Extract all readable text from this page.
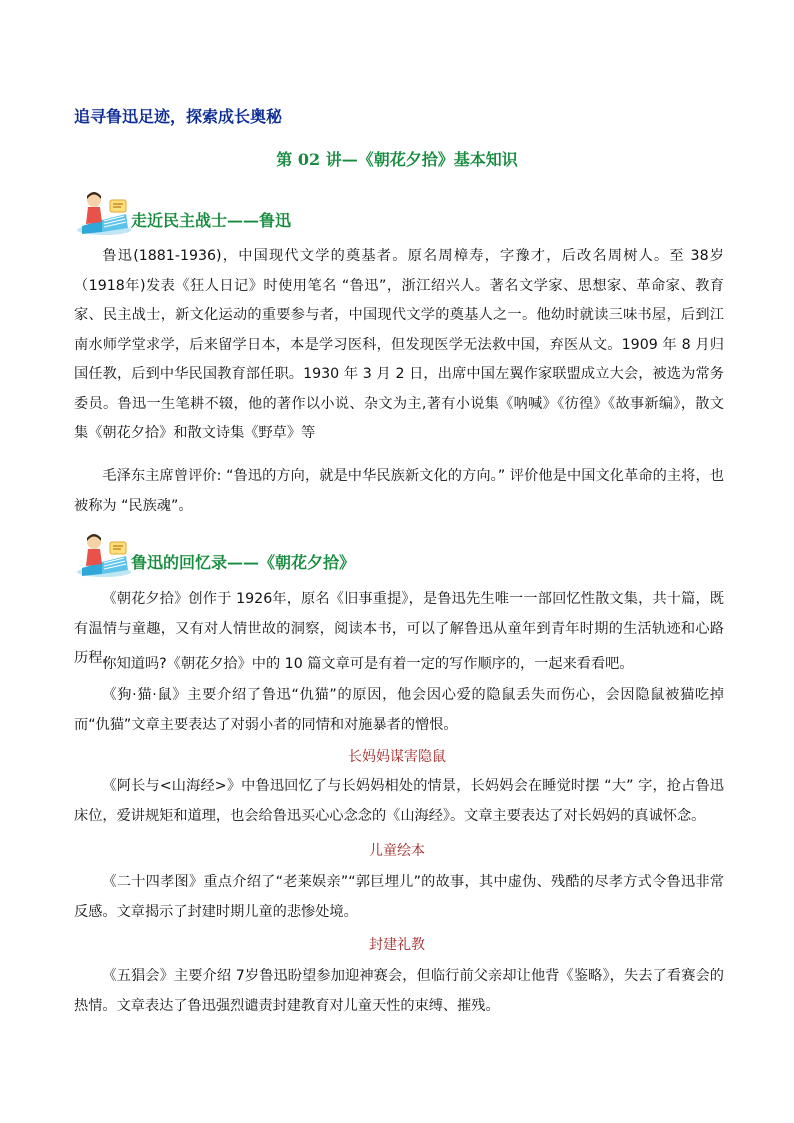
追寻鲁迅足迹，探索成长奥秘
第 02 讲—《朝花夕拾》基本知识
走近民主战士——鲁迅

鲁迅(1881-1936)，中国现代文学的奠基者。原名周樟寿，字豫才，后改名周树人。至 38岁（1918年)发表《狂人日记》时使用笔名 “鲁迅”，浙江绍兴人。著名文学家、思想家、革命家、教育家、民主战士，新文化运动的重要参与者，中国现代文学的奠基人之一。他幼时就读三味书屋，后到江南水师学堂求学，后来留学日本，本是学习医科，但发现医学无法救中国，弃医从文。1909 年 8 月归国任教，后到中华民国教育部任职。1930 年 3 月 2 日，出席中国左翼作家联盟成立大会，被选为常务委员。鲁迅一生笔耕不辍，他的著作以小说、杂文为主,著有小说集《呐喊》《彷徨》《故事新编》，散文集《朝花夕拾》和散文诗集《野草》等

毛泽东主席曾评价: “鲁迅的方向，就是中华民族新文化的方向。” 评价他是中国文化革命的主将，也被称为 “民族魂”。

鲁迅的回忆录——《朝花夕拾》

《朝花夕拾》创作于 1926年，原名《旧事重提》，是鲁迅先生唯一一部回忆性散文集，共十篇，既有温情与童趣，又有对人情世故的洞察，阅读本书，可以了解鲁迅从童年到青年时期的生活轨迹和心路历程。

你知道吗?《朝花夕拾》中的 10 篇文章可是有着一定的写作顺序的，一起来看看吧。

《狗·猫·鼠》主要介绍了鲁迅“仇猫”的原因，他会因心爱的隐鼠丢失而伤心，会因隐鼠被猫吃掉而“仇猫”文章主要表达了对弱小者的同情和对施暴者的憎恨。

长妈妈谋害隐鼠

《阿长与<山海经>》中鲁迅回忆了与长妈妈相处的情景，长妈妈会在睡觉时摆 “大” 字，抢占鲁迅床位，爱讲规矩和道理，也会给鲁迅买心心念念的《山海经》。文章主要表达了对长妈妈的真诚怀念。

儿童绘本

《二十四孝图》重点介绍了“老莱娱亲”“郭巨埋儿”的故事，其中虚伪、残酷的尽孝方式令鲁迅非常反感。文章揭示了封建时期儿童的悲惨处境。

封建礼教

《五猖会》主要介绍 7岁鲁迅盼望参加迎神赛会，但临行前父亲却让他背《鉴略》，失去了看赛会的热情。文章表达了鲁迅强烈谴责封建教育对儿童天性的束缚、摧残。
